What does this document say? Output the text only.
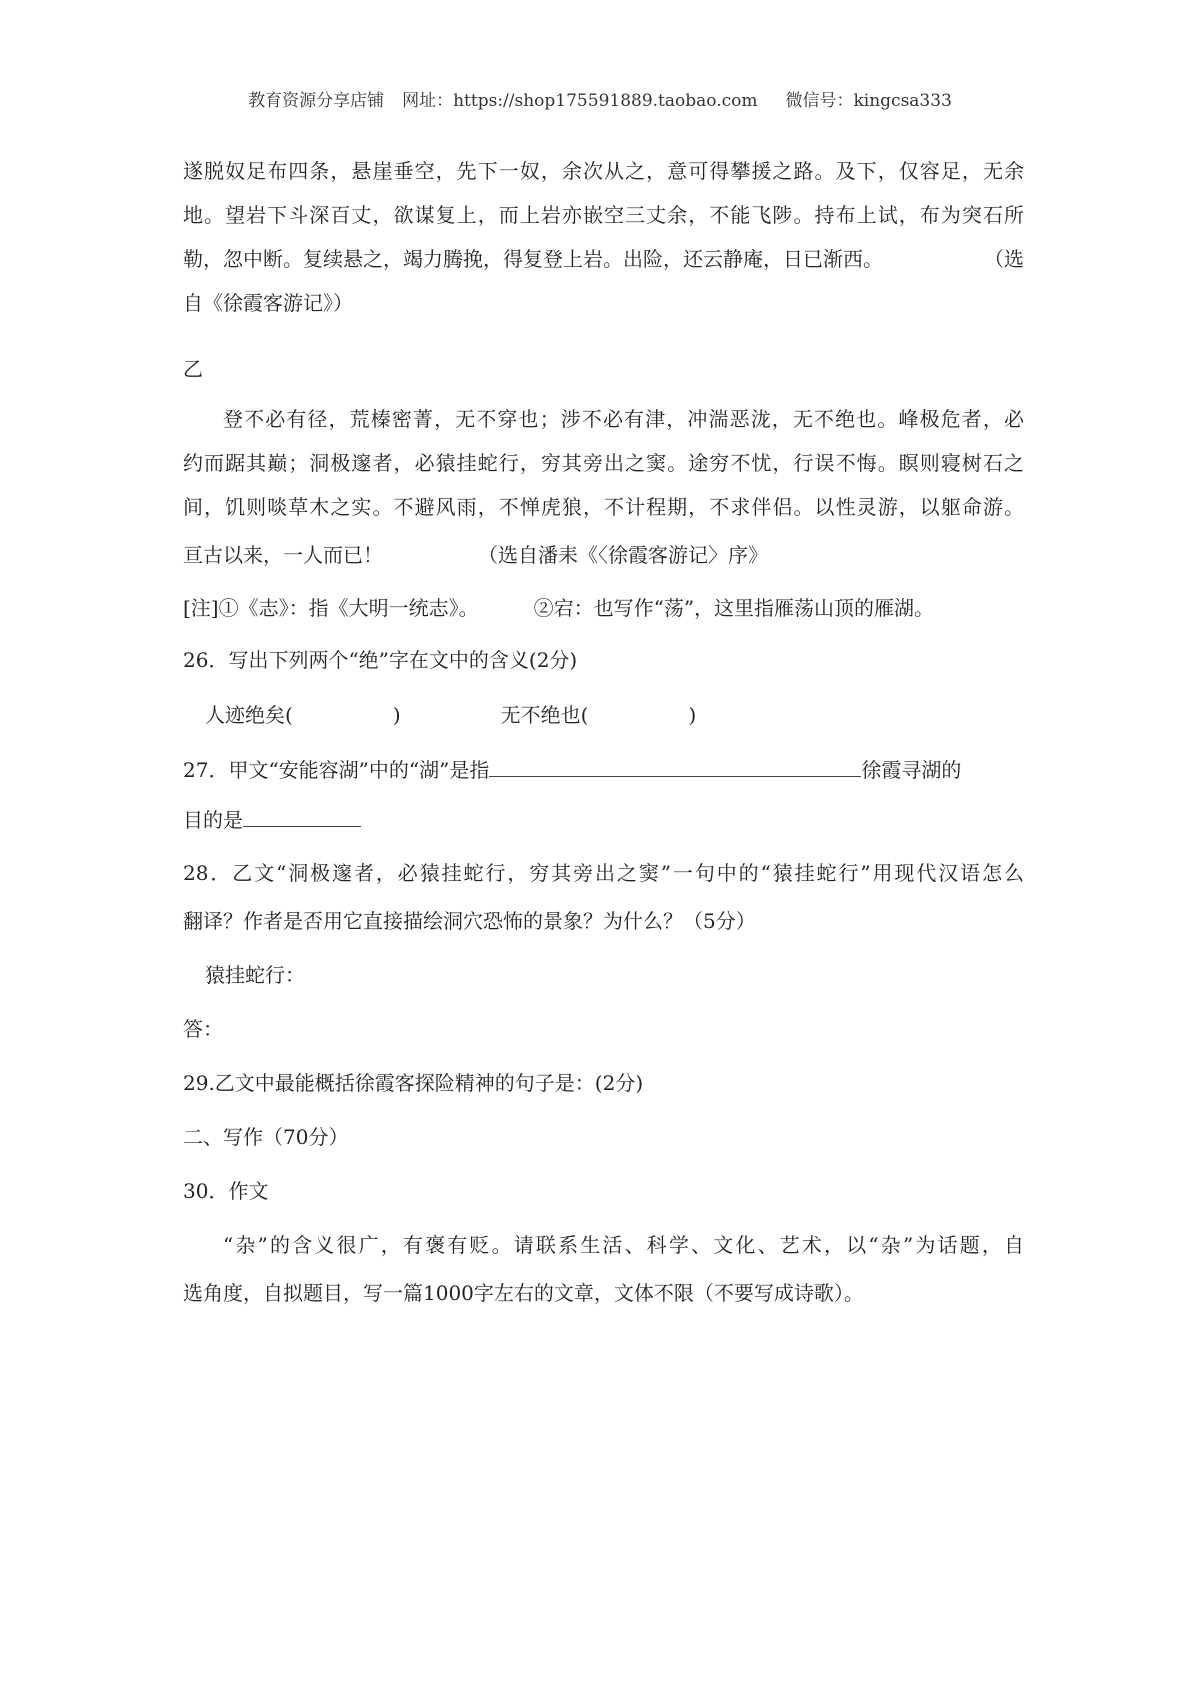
教育资源分享店铺 网址：https://shop175591889.taobao.com 微信号：kingcsa333
遂脱奴足布四条，悬崖垂空，先下一奴，余次从之，意可得攀援之路。及下，仅容足，无余
地。望岩下斗深百丈，欲谋复上，而上岩亦嵌空三丈余，不能飞陟。持布上试，布为突石所
勒，忽中断。复续悬之，竭力腾挽，得复登上岩。出险，还云静庵，日已渐西。	（选
自《徐霞客游记》）
乙
登不必有径，荒榛密菁，无不穿也；涉不必有津，冲湍恶泷，无不绝也。峰极危者，必
约而踞其巅；洞极邃者，必猿挂蛇行，穷其旁出之窦。途穷不忧，行误不悔。瞑则寝树石之
间，饥则啖草木之实。不避风雨，不惮虎狼，不计程期，不求伴侣。以性灵游，以躯命游。
亘古以来，一人而已！	（选自潘耒《〈徐霞客游记〉序》
[注]①《志》：指《大明一统志》。	②宕：也写作“荡”，这里指雁荡山顶的雁湖。
26．写出下列两个“绝”字在文中的含义(2分)
人迹绝矣(	)	无不绝也(	)
27．甲文“安能容湖”中的“湖”是指	徐霞寻湖的
目的是
28．乙文“洞极邃者，必猿挂蛇行，穷其旁出之窦”一句中的“猿挂蛇行”用现代汉语怎么
翻译？作者是否用它直接描绘洞穴恐怖的景象？为什么？（5分）
猿挂蛇行：
答：
29.乙文中最能概括徐霞客探险精神的句子是：(2分)
二、写作（70分）
30．作文
“杂”的含义很广，有褒有贬。请联系生活、科学、文化、艺术，以“杂”为话题，自
选角度，自拟题目，写一篇1000字左右的文章，文体不限（不要写成诗歌）。
